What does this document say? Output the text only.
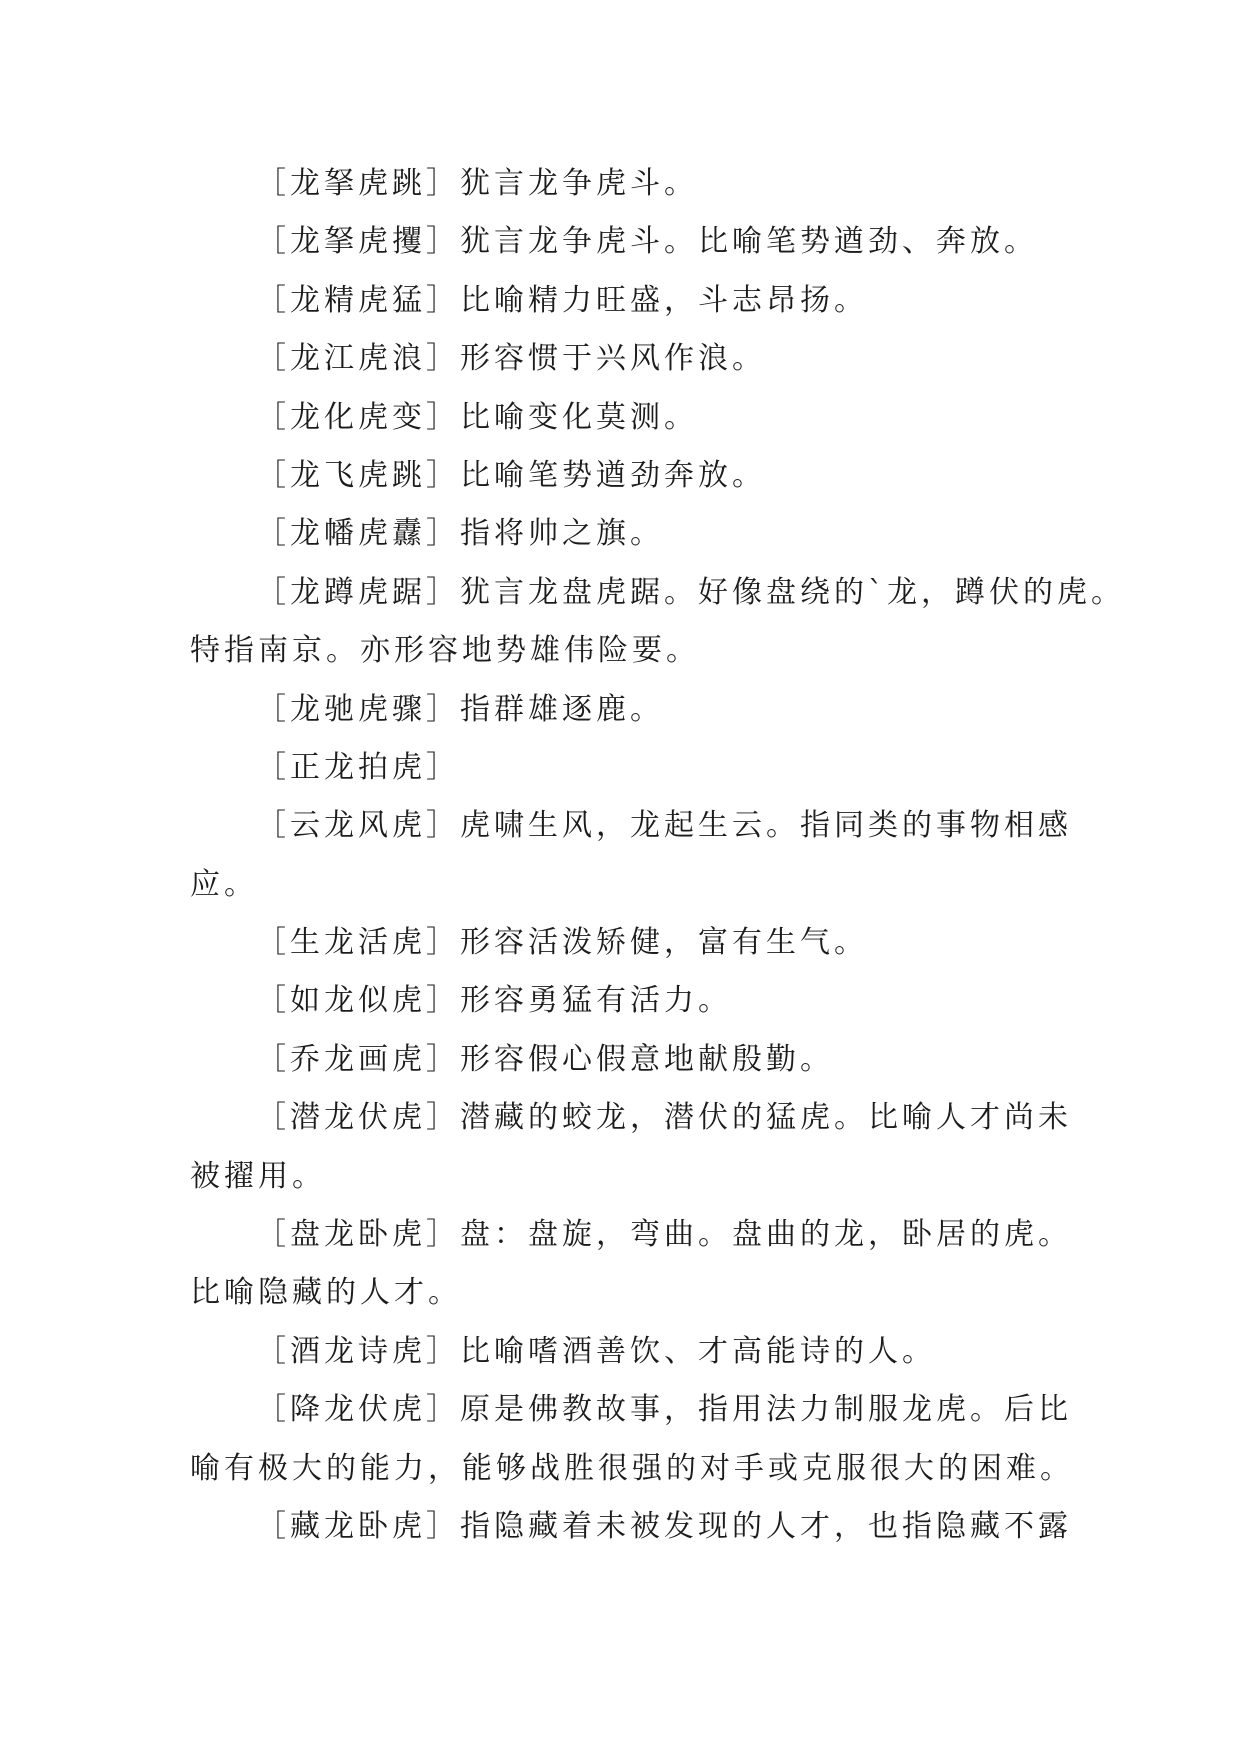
［龙拏虎跳］犹言龙争虎斗。
［龙拏虎攫］犹言龙争虎斗。比喻笔势遒劲、奔放。
［龙精虎猛］比喻精力旺盛，斗志昂扬。
［龙江虎浪］形容惯于兴风作浪。
［龙化虎变］比喻变化莫测。
［龙飞虎跳］比喻笔势遒劲奔放。
［龙幡虎纛］指将帅之旗。
［龙蹲虎踞］犹言龙盘虎踞。好像盘绕的`龙，蹲伏的虎。
特指南京。亦形容地势雄伟险要。
［龙驰虎骤］指群雄逐鹿。
［正龙拍虎］
［云龙风虎］虎啸生风，龙起生云。指同类的事物相感
应。
［生龙活虎］形容活泼矫健，富有生气。
［如龙似虎］形容勇猛有活力。
［乔龙画虎］形容假心假意地献殷勤。
［潜龙伏虎］潜藏的蛟龙，潜伏的猛虎。比喻人才尚未
被擢用。
［盘龙卧虎］盘：盘旋，弯曲。盘曲的龙，卧居的虎。
比喻隐藏的人才。
［酒龙诗虎］比喻嗜酒善饮、才高能诗的人。
［降龙伏虎］原是佛教故事，指用法力制服龙虎。后比
喻有极大的能力，能够战胜很强的对手或克服很大的困难。
［藏龙卧虎］指隐藏着未被发现的人才，也指隐藏不露
